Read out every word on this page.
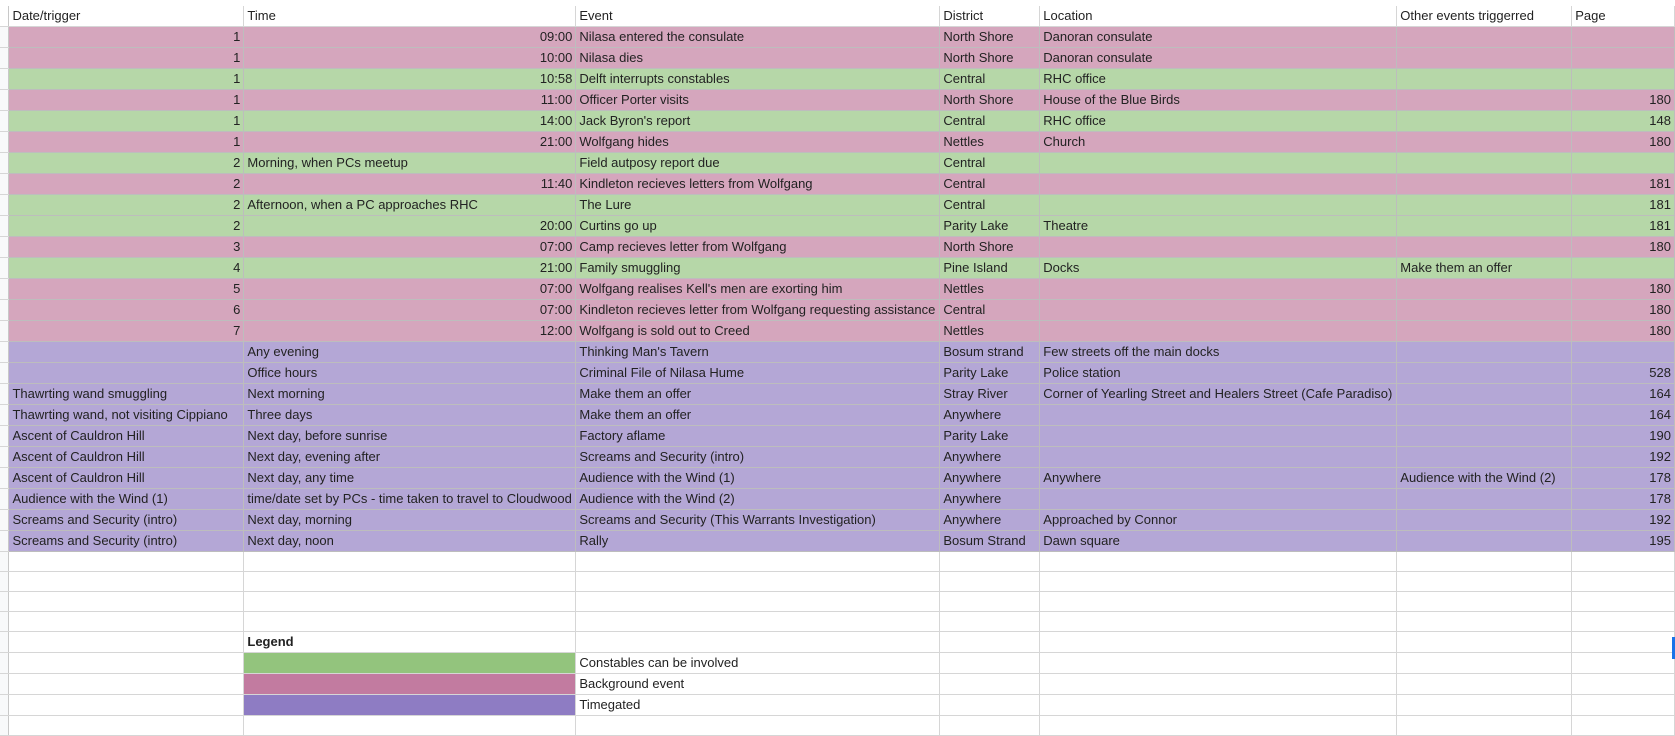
	Date/trigger	Time	Event	District	Location	Other events triggerred	Page
	1	09:00	Nilasa entered the consulate	North Shore	Danoran consulate		
	1	10:00	Nilasa dies	North Shore	Danoran consulate		
	1	10:58	Delft interrupts constables	Central	RHC office		
	1	11:00	Officer Porter visits	North Shore	House of the Blue Birds		180
	1	14:00	Jack Byron's report	Central	RHC office		148
	1	21:00	Wolfgang hides	Nettles	Church		180
	2	Morning, when PCs meetup	Field autposy report due	Central			
	2	11:40	Kindleton recieves letters from Wolfgang	Central			181
	2	Afternoon, when a PC approaches RHC	The Lure	Central			181
	2	20:00	Curtins go up	Parity Lake	Theatre		181
	3	07:00	Camp recieves letter from Wolfgang	North Shore			180
	4	21:00	Family smuggling	Pine Island	Docks	Make them an offer	
	5	07:00	Wolfgang realises Kell's men are exorting him	Nettles			180
	6	07:00	Kindleton recieves letter from Wolfgang requesting assistance	Central			180
	7	12:00	Wolfgang is sold out to Creed	Nettles			180
		Any evening	Thinking Man's Tavern	Bosum strand	Few streets off the main docks		
		Office hours	Criminal File of Nilasa Hume	Parity Lake	Police station		528
	Thawrting wand smuggling	Next morning	Make them an offer	Stray River	Corner of Yearling Street and Healers Street (Cafe Paradiso)		164
	Thawrting wand, not visiting Cippiano	Three days	Make them an offer	Anywhere			164
	Ascent of Cauldron Hill	Next day, before sunrise	Factory aflame	Parity Lake			190
	Ascent of Cauldron Hill	Next day, evening after	Screams and Security (intro)	Anywhere			192
	Ascent of Cauldron Hill	Next day, any time	Audience with the Wind (1)	Anywhere	Anywhere	Audience with the Wind (2)	178
	Audience with the Wind (1)	time/date set by PCs - time taken to travel to Cloudwood	Audience with the Wind (2)	Anywhere			178
	Screams and Security (intro)	Next day, morning	Screams and Security (This Warrants Investigation)	Anywhere	Approached by Connor		192
	Screams and Security (intro)	Next day, noon	Rally	Bosum Strand	Dawn square		195

		Legend					
			Constables can be involved				
			Background event				
			Timegated				
